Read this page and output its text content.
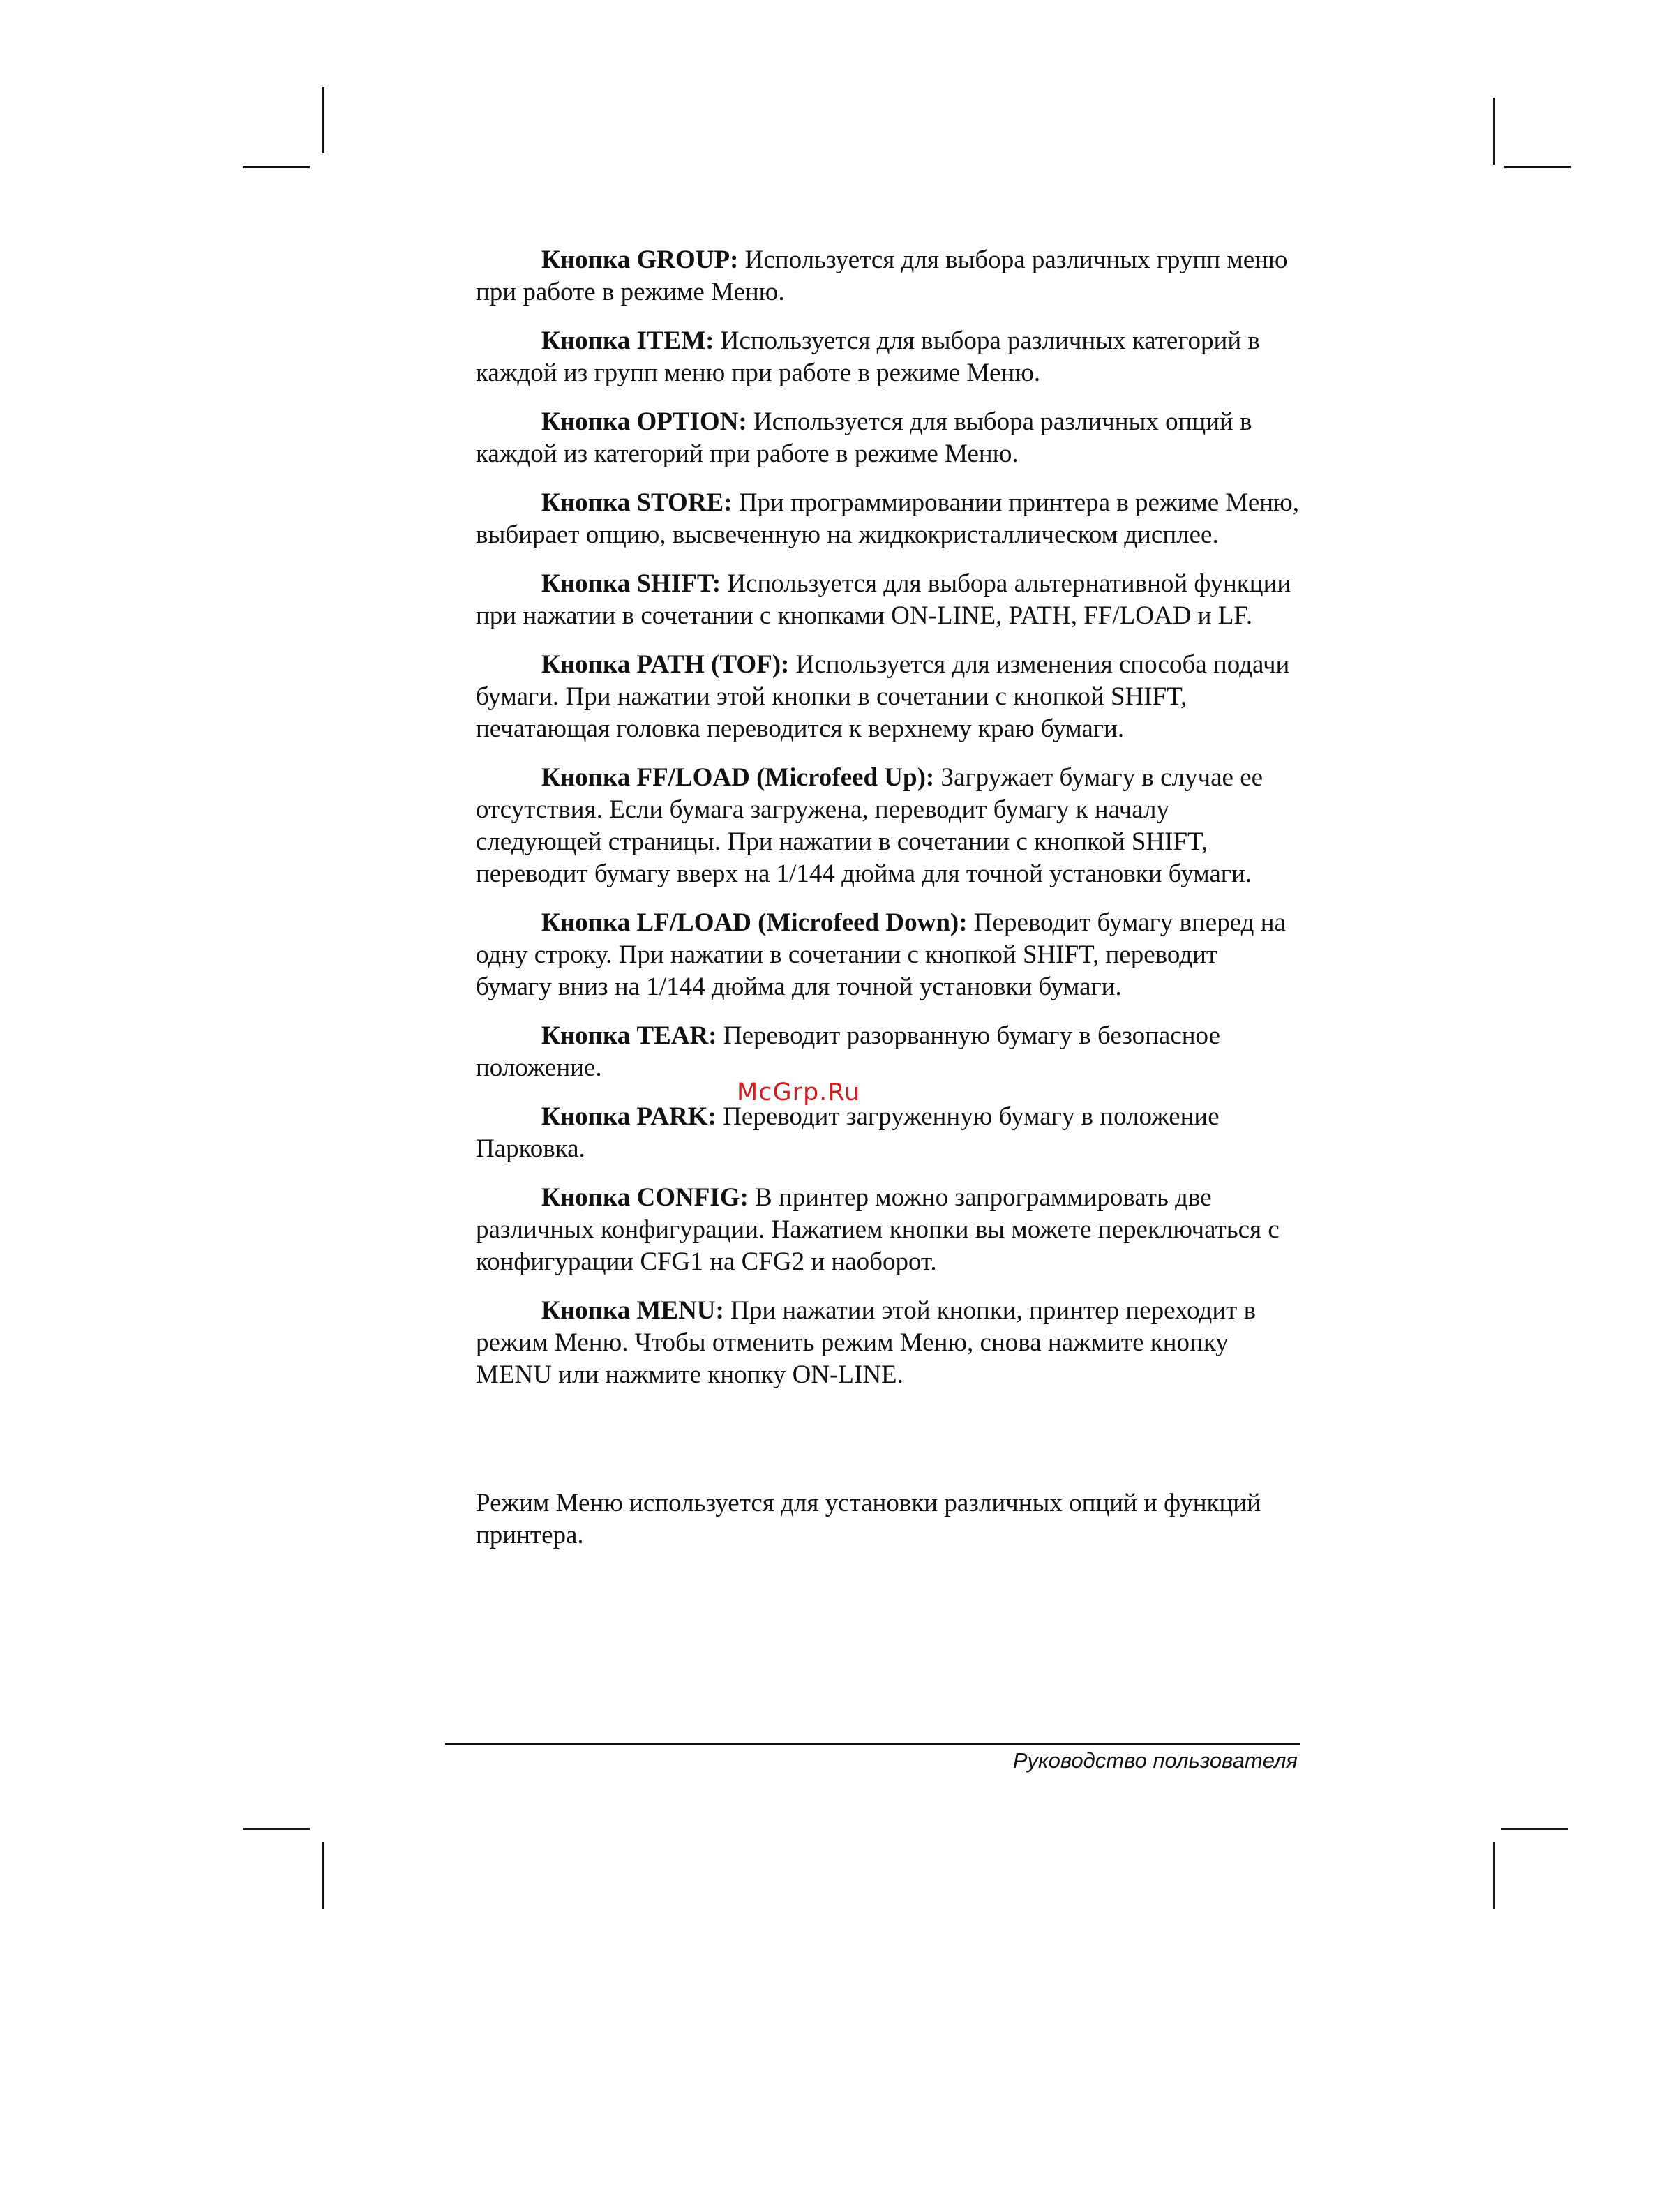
Кнопка GROUP: Используется для выбора различных групп меню при работе в режиме Меню.

Кнопка ITEM: Используется для выбора различных категорий в каждой из групп меню при работе в режиме Меню.

Кнопка OPTION: Используется для выбора различных опций в каждой из категорий при работе в режиме Меню.

Кнопка STORE: При программировании принтера в режиме Меню, выбирает опцию, высвеченную на жидкокристаллическом дисплее.

Кнопка SHIFT: Используется для выбора альтернативной функции при нажатии в сочетании с кнопками ON-LINE, PATH, FF/LOAD и LF.

Кнопка PATH (TOF): Используется для изменения способа подачи бумаги. При нажатии этой кнопки в сочетании с кнопкой SHIFT, печатающая головка переводится к верхнему краю бумаги.

Кнопка FF/LOAD (Microfeed Up): Загружает бумагу в случае ее отсутствия. Если бумага загружена, переводит бумагу к началу следующей страницы. При нажатии в сочетании с кнопкой SHIFT, переводит бумагу вверх на 1/144 дюйма для точной установки бумаги.

Кнопка LF/LOAD (Microfeed Down): Переводит бумагу вперед на одну строку. При нажатии в сочетании с кнопкой SHIFT, переводит бумагу вниз на 1/144 дюйма для точной установки бумаги.

Кнопка TEAR: Переводит разорванную бумагу в безопасное положение.

Кнопка PARK: Переводит загруженную бумагу в положение Парковка.

Кнопка CONFIG: В принтер можно запрограммировать две различных конфигурации. Нажатием кнопки вы можете переключаться с конфигурации CFG1 на CFG2 и наоборот.

Кнопка MENU: При нажатии этой кнопки, принтер переходит в режим Меню. Чтобы отменить режим Меню, снова нажмите кнопку MENU или нажмите кнопку ON-LINE.

Режим Меню используется для установки различных опций и функций принтера.

McGrp.Ru
Руководство пользователя
